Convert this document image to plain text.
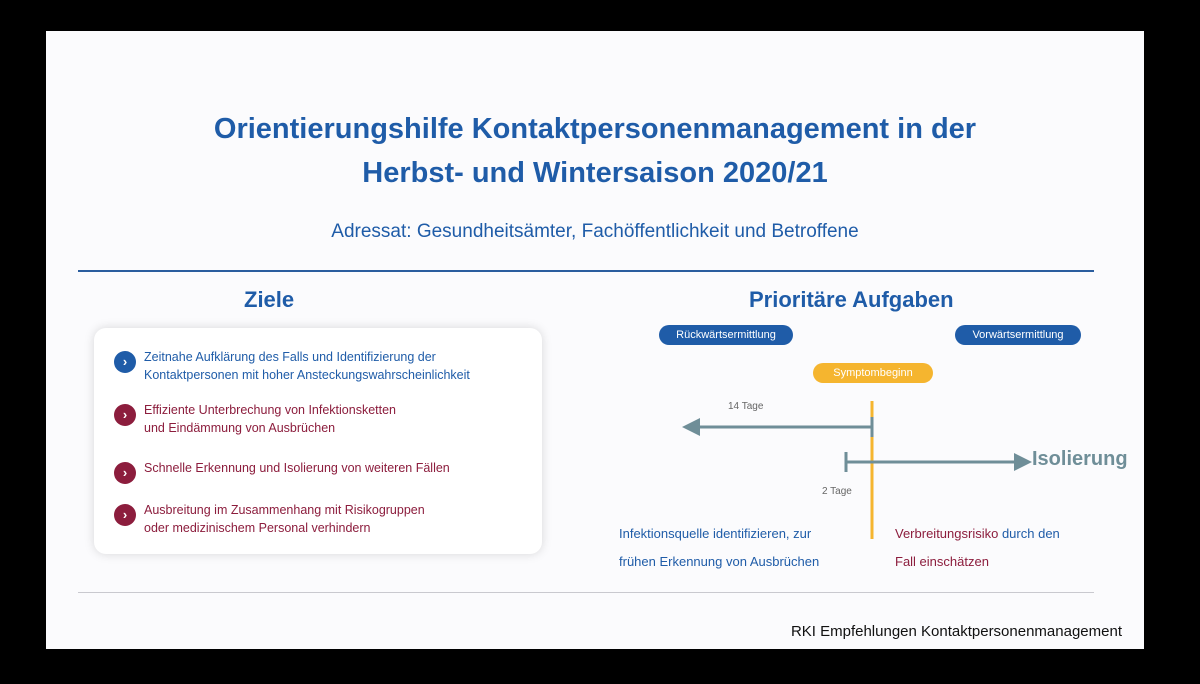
Orientierungshilfe Kontaktpersonenmanagement in der
Herbst- und Wintersaison 2020/21
Adressat: Gesundheitsämter, Fachöffentlichkeit und Betroffene
Ziele	Prioritäre Aufgaben
›	Zeitnahe Aufklärung des Falls und Identifizierung der
Kontaktpersonen mit hoher Ansteckungswahrscheinlichkeit
›	Effiziente Unterbrechung von Infektionsketten
und Eindämmung von Ausbrüchen
›	Schnelle Erkennung und Isolierung von weiteren Fällen
›	Ausbreitung im Zusammenhang mit Risikogruppen
oder medizinischem Personal verhindern
Rückwärtsermittlung	Vorwärtsermittlung
Symptombeginn
14 Tage
2 Tage
Isolierung
Infektionsquelle identifizieren, zur
frühen Erkennung von Ausbrüchen
Verbreitungsrisiko durch den
Fall einschätzen
RKI Empfehlungen Kontaktpersonenmanagement
